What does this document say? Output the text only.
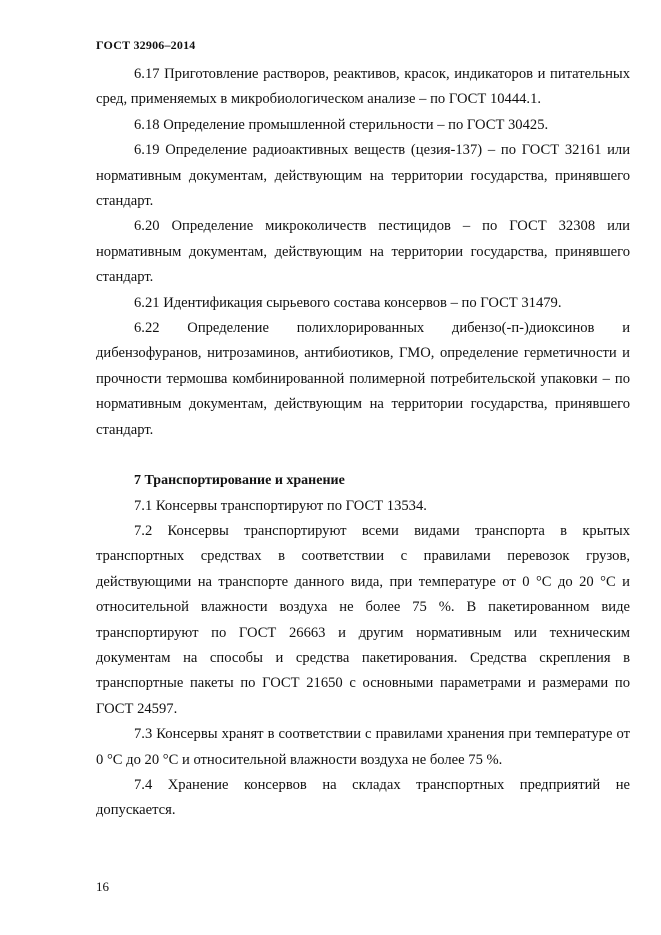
ГОСТ 32906–2014

6.17 Приготовление растворов, реактивов, красок, индикаторов и питательных сред, применяемых в микробиологическом анализе – по ГОСТ 10444.1.

6.18 Определение промышленной стерильности – по ГОСТ 30425.

6.19 Определение радиоактивных веществ (цезия-137) – по ГОСТ 32161 или нормативным документам, действующим на территории государства, принявшего стандарт.

6.20 Определение микроколичеств пестицидов – по ГОСТ 32308 или нормативным документам, действующим на территории государства, принявшего стандарт.

6.21 Идентификация сырьевого состава консервов – по ГОСТ 31479.

6.22 Определение полихлорированных дибензо(-п-)диоксинов и дибензофуранов, нитрозаминов, антибиотиков, ГМО, определение герметичности и прочности термошва комбинированной полимерной потребительской упаковки – по нормативным документам, действующим на территории государства, принявшего стандарт.

7 Транспортирование и хранение

7.1 Консервы транспортируют по ГОСТ 13534.

7.2 Консервы транспортируют всеми видами транспорта в крытых транспортных средствах в соответствии с правилами перевозок грузов, действующими на транспорте данного вида, при температуре от 0 °С до 20 °С и относительной влажности воздуха не более 75 %. В пакетированном виде транспортируют по ГОСТ 26663 и другим нормативным или техническим документам на способы и средства пакетирования. Средства скрепления в транспортные пакеты по ГОСТ 21650 с основными параметрами и размерами по ГОСТ 24597.

7.3 Консервы хранят в соответствии с правилами хранения при температуре от 0 °С до 20 °С и относительной влажности воздуха не более 75 %.

7.4 Хранение консервов на складах транспортных предприятий не допускается.

16
